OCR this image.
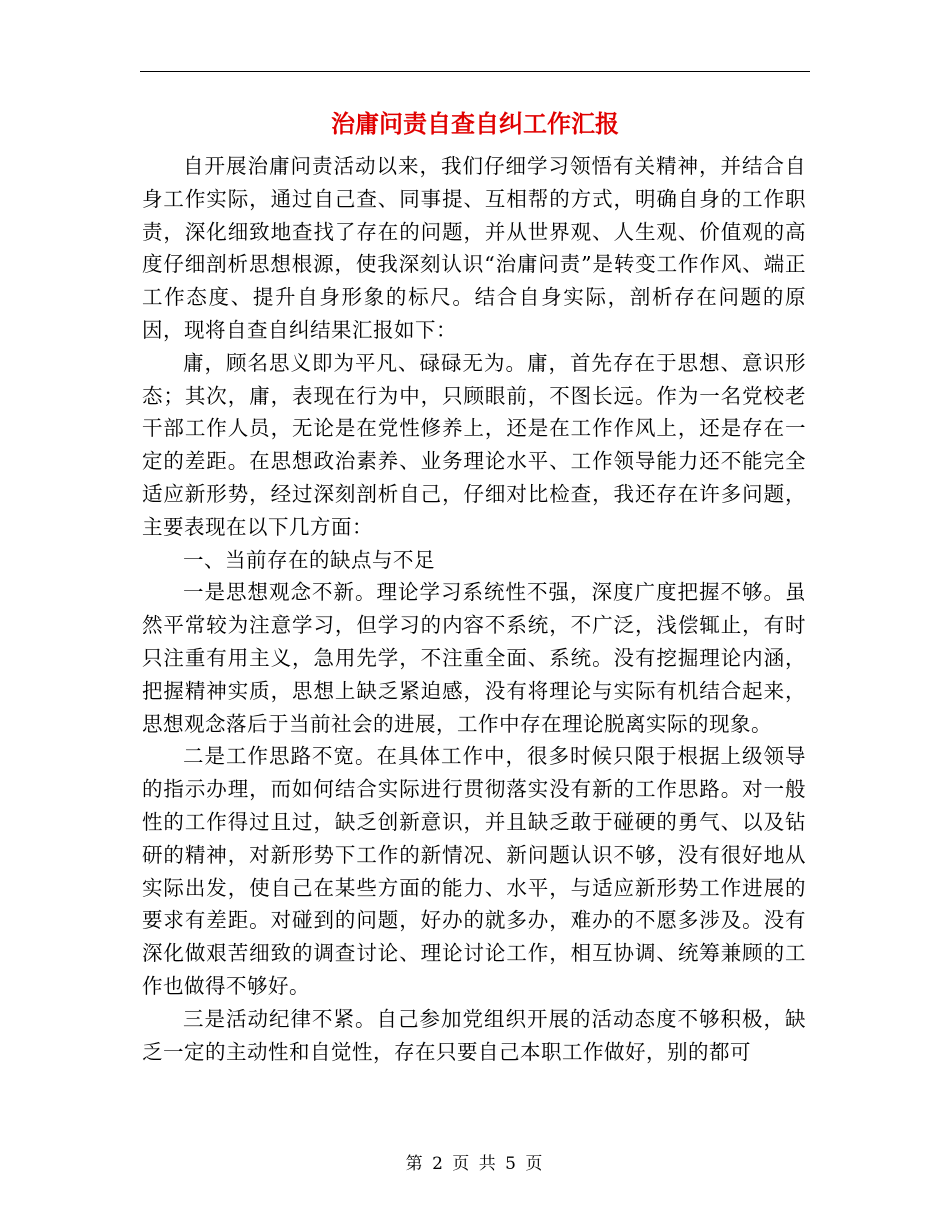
治庸问责自查自纠工作汇报

自开展治庸问责活动以来，我们仔细学习领悟有关精神，并结合自身工作实际，通过自己查、同事提、互相帮的方式，明确自身的工作职责，深化细致地查找了存在的问题，并从世界观、人生观、价值观的高度仔细剖析思想根源，使我深刻认识“治庸问责”是转变工作作风、端正工作态度、提升自身形象的标尺。结合自身实际，剖析存在问题的原因，现将自查自纠结果汇报如下：

庸，顾名思义即为平凡、碌碌无为。庸，首先存在于思想、意识形态；其次，庸，表现在行为中，只顾眼前，不图长远。作为一名党校老干部工作人员，无论是在党性修养上，还是在工作作风上，还是存在一定的差距。在思想政治素养、业务理论水平、工作领导能力还不能完全适应新形势，经过深刻剖析自己，仔细对比检查，我还存在许多问题，主要表现在以下几方面：

一、当前存在的缺点与不足

一是思想观念不新。理论学习系统性不强，深度广度把握不够。虽然平常较为注意学习，但学习的内容不系统，不广泛，浅偿辄止，有时只注重有用主义，急用先学，不注重全面、系统。没有挖掘理论内涵，把握精神实质，思想上缺乏紧迫感，没有将理论与实际有机结合起来，思想观念落后于当前社会的进展，工作中存在理论脱离实际的现象。

二是工作思路不宽。在具体工作中，很多时候只限于根据上级领导的指示办理，而如何结合实际进行贯彻落实没有新的工作思路。对一般性的工作得过且过，缺乏创新意识，并且缺乏敢于碰硬的勇气、以及钻研的精神，对新形势下工作的新情况、新问题认识不够，没有很好地从实际出发，使自己在某些方面的能力、水平，与适应新形势工作进展的要求有差距。对碰到的问题，好办的就多办，难办的不愿多涉及。没有深化做艰苦细致的调查讨论、理论讨论工作，相互协调、统筹兼顾的工作也做得不够好。

三是活动纪律不紧。自己参加党组织开展的活动态度不够积极，缺乏一定的主动性和自觉性，存在只要自己本职工作做好，别的都可

第 2 页 共 5 页
